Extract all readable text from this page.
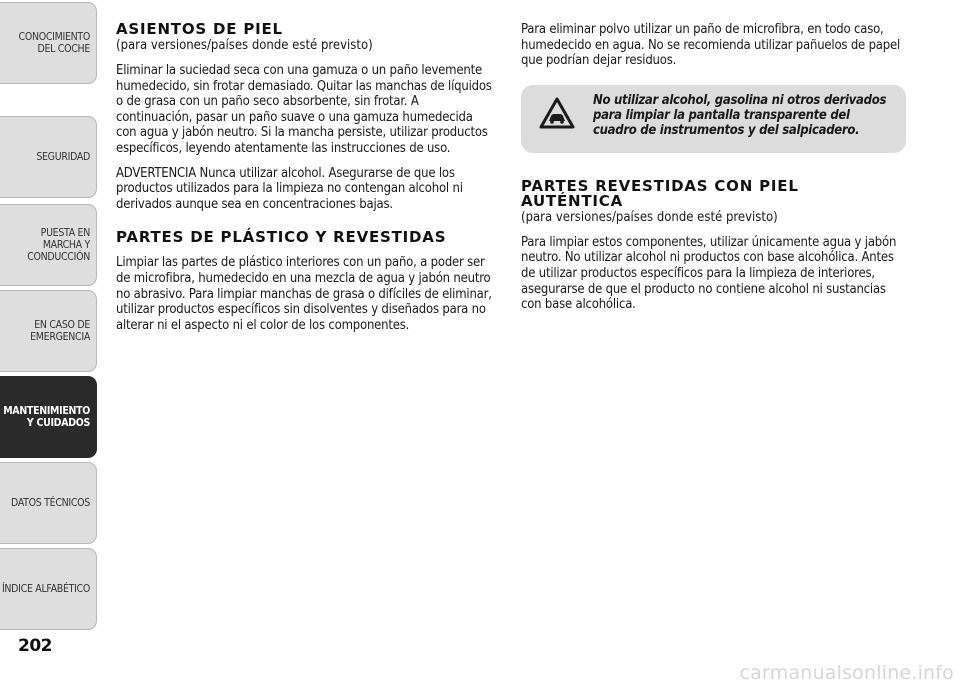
CONOCIMIENTO DEL COCHE
SEGURIDAD
PUESTA EN MARCHA Y CONDUCCIÓN
EN CASO DE EMERGENCIA
MANTENIMIENTO Y CUIDADOS
DATOS TÉCNICOS
ÍNDICE ALFABÉTICO
202
ASIENTOS DE PIEL
(para versiones/países donde esté previsto)

Eliminar la suciedad seca con una gamuza o un paño levemente humedecido, sin frotar demasiado. Quitar las manchas de líquidos o de grasa con un paño seco absorbente, sin frotar. A continuación, pasar un paño suave o una gamuza humedecida con agua y jabón neutro. Si la mancha persiste, utilizar productos específicos, leyendo atentamente las instrucciones de uso.

ADVERTENCIA Nunca utilizar alcohol. Asegurarse de que los productos utilizados para la limpieza no contengan alcohol ni derivados aunque sea en concentraciones bajas.

PARTES DE PLÁSTICO Y REVESTIDAS

Limpiar las partes de plástico interiores con un paño, a poder ser de microfibra, humedecido en una mezcla de agua y jabón neutro no abrasivo. Para limpiar manchas de grasa o difíciles de eliminar, utilizar productos específicos sin disolventes y diseñados para no alterar ni el aspecto ni el color de los componentes.

Para eliminar polvo utilizar un paño de microfibra, en todo caso, humedecido en agua. No se recomienda utilizar pañuelos de papel que podrían dejar residuos.

No utilizar alcohol, gasolina ni otros derivados para limpiar la pantalla transparente del cuadro de instrumentos y del salpicadero.
PARTES REVESTIDAS CON PIEL AUTÉNTICA
(para versiones/países donde esté previsto)

Para limpiar estos componentes, utilizar únicamente agua y jabón neutro. No utilizar alcohol ni productos con base alcohólica. Antes de utilizar productos específicos para la limpieza de interiores, asegurarse de que el producto no contiene alcohol ni sustancias con base alcohólica.

carmanualsonline.info
